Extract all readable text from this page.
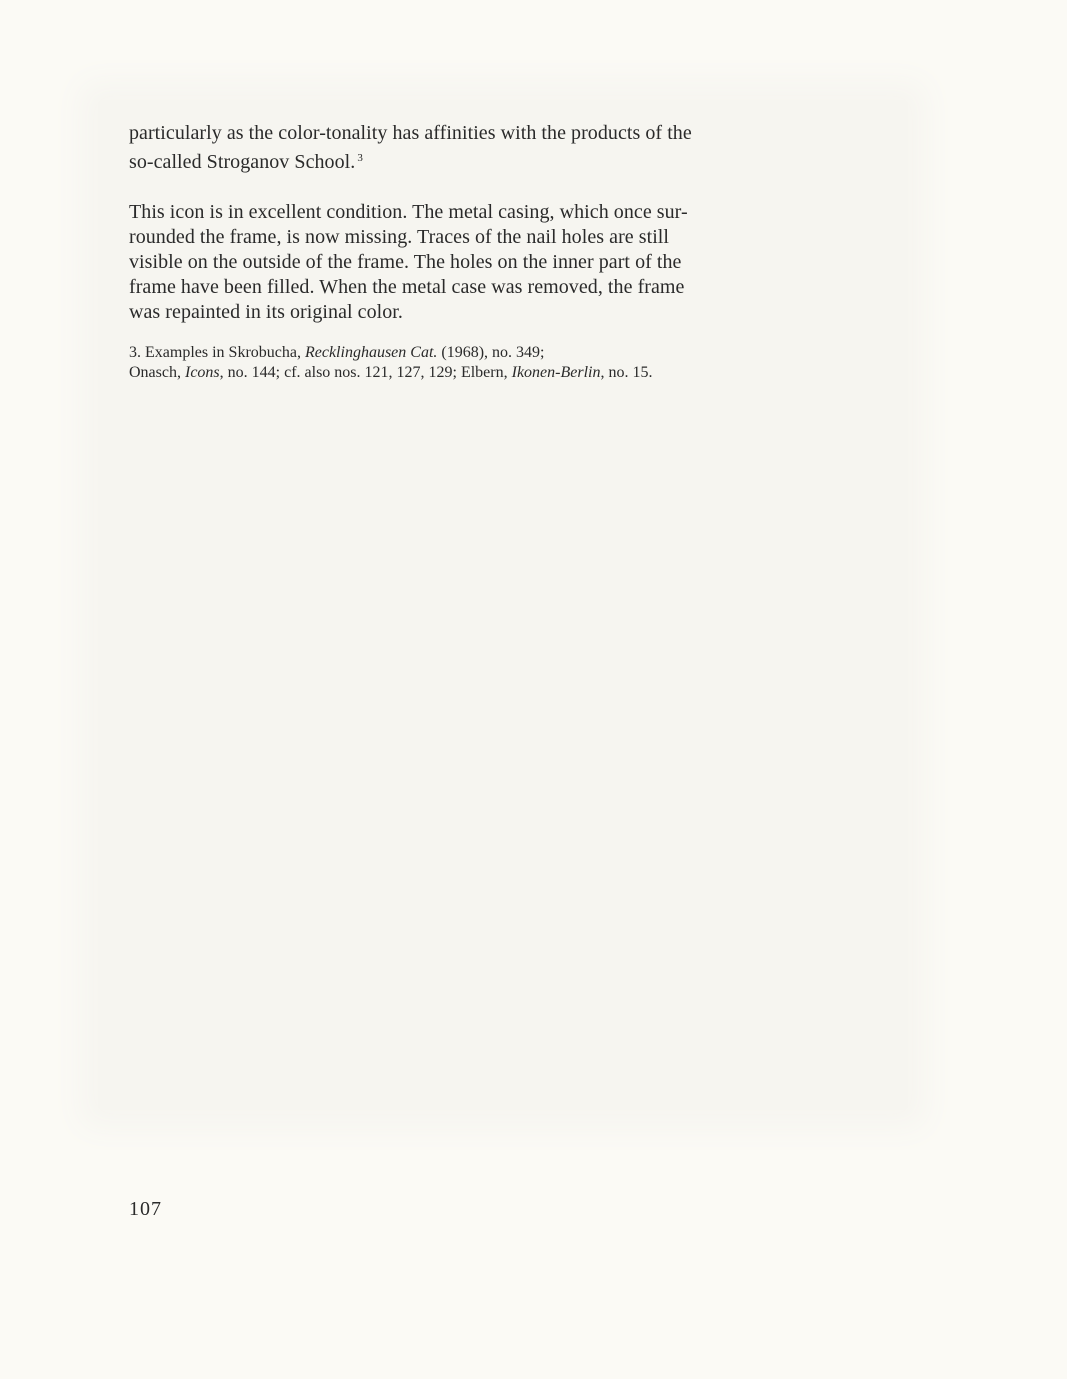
particularly as the color-tonality has affinities with the products of the
so-called Stroganov School. $^3$

This icon is in excellent condition. The metal casing, which once sur-
rounded the frame, is now missing. Traces of the nail holes are still
visible on the outside of the frame. The holes on the inner part of the
frame have been filled. When the metal case was removed, the frame
was repainted in its original color.

3. Examples in Skrobucha, Recklinghausen Cat. (1968), no. 349;
Onasch, Icons, no. 144; cf. also nos. 121, 127, 129; Elbern, Ikonen-Berlin, no. 15.

107
